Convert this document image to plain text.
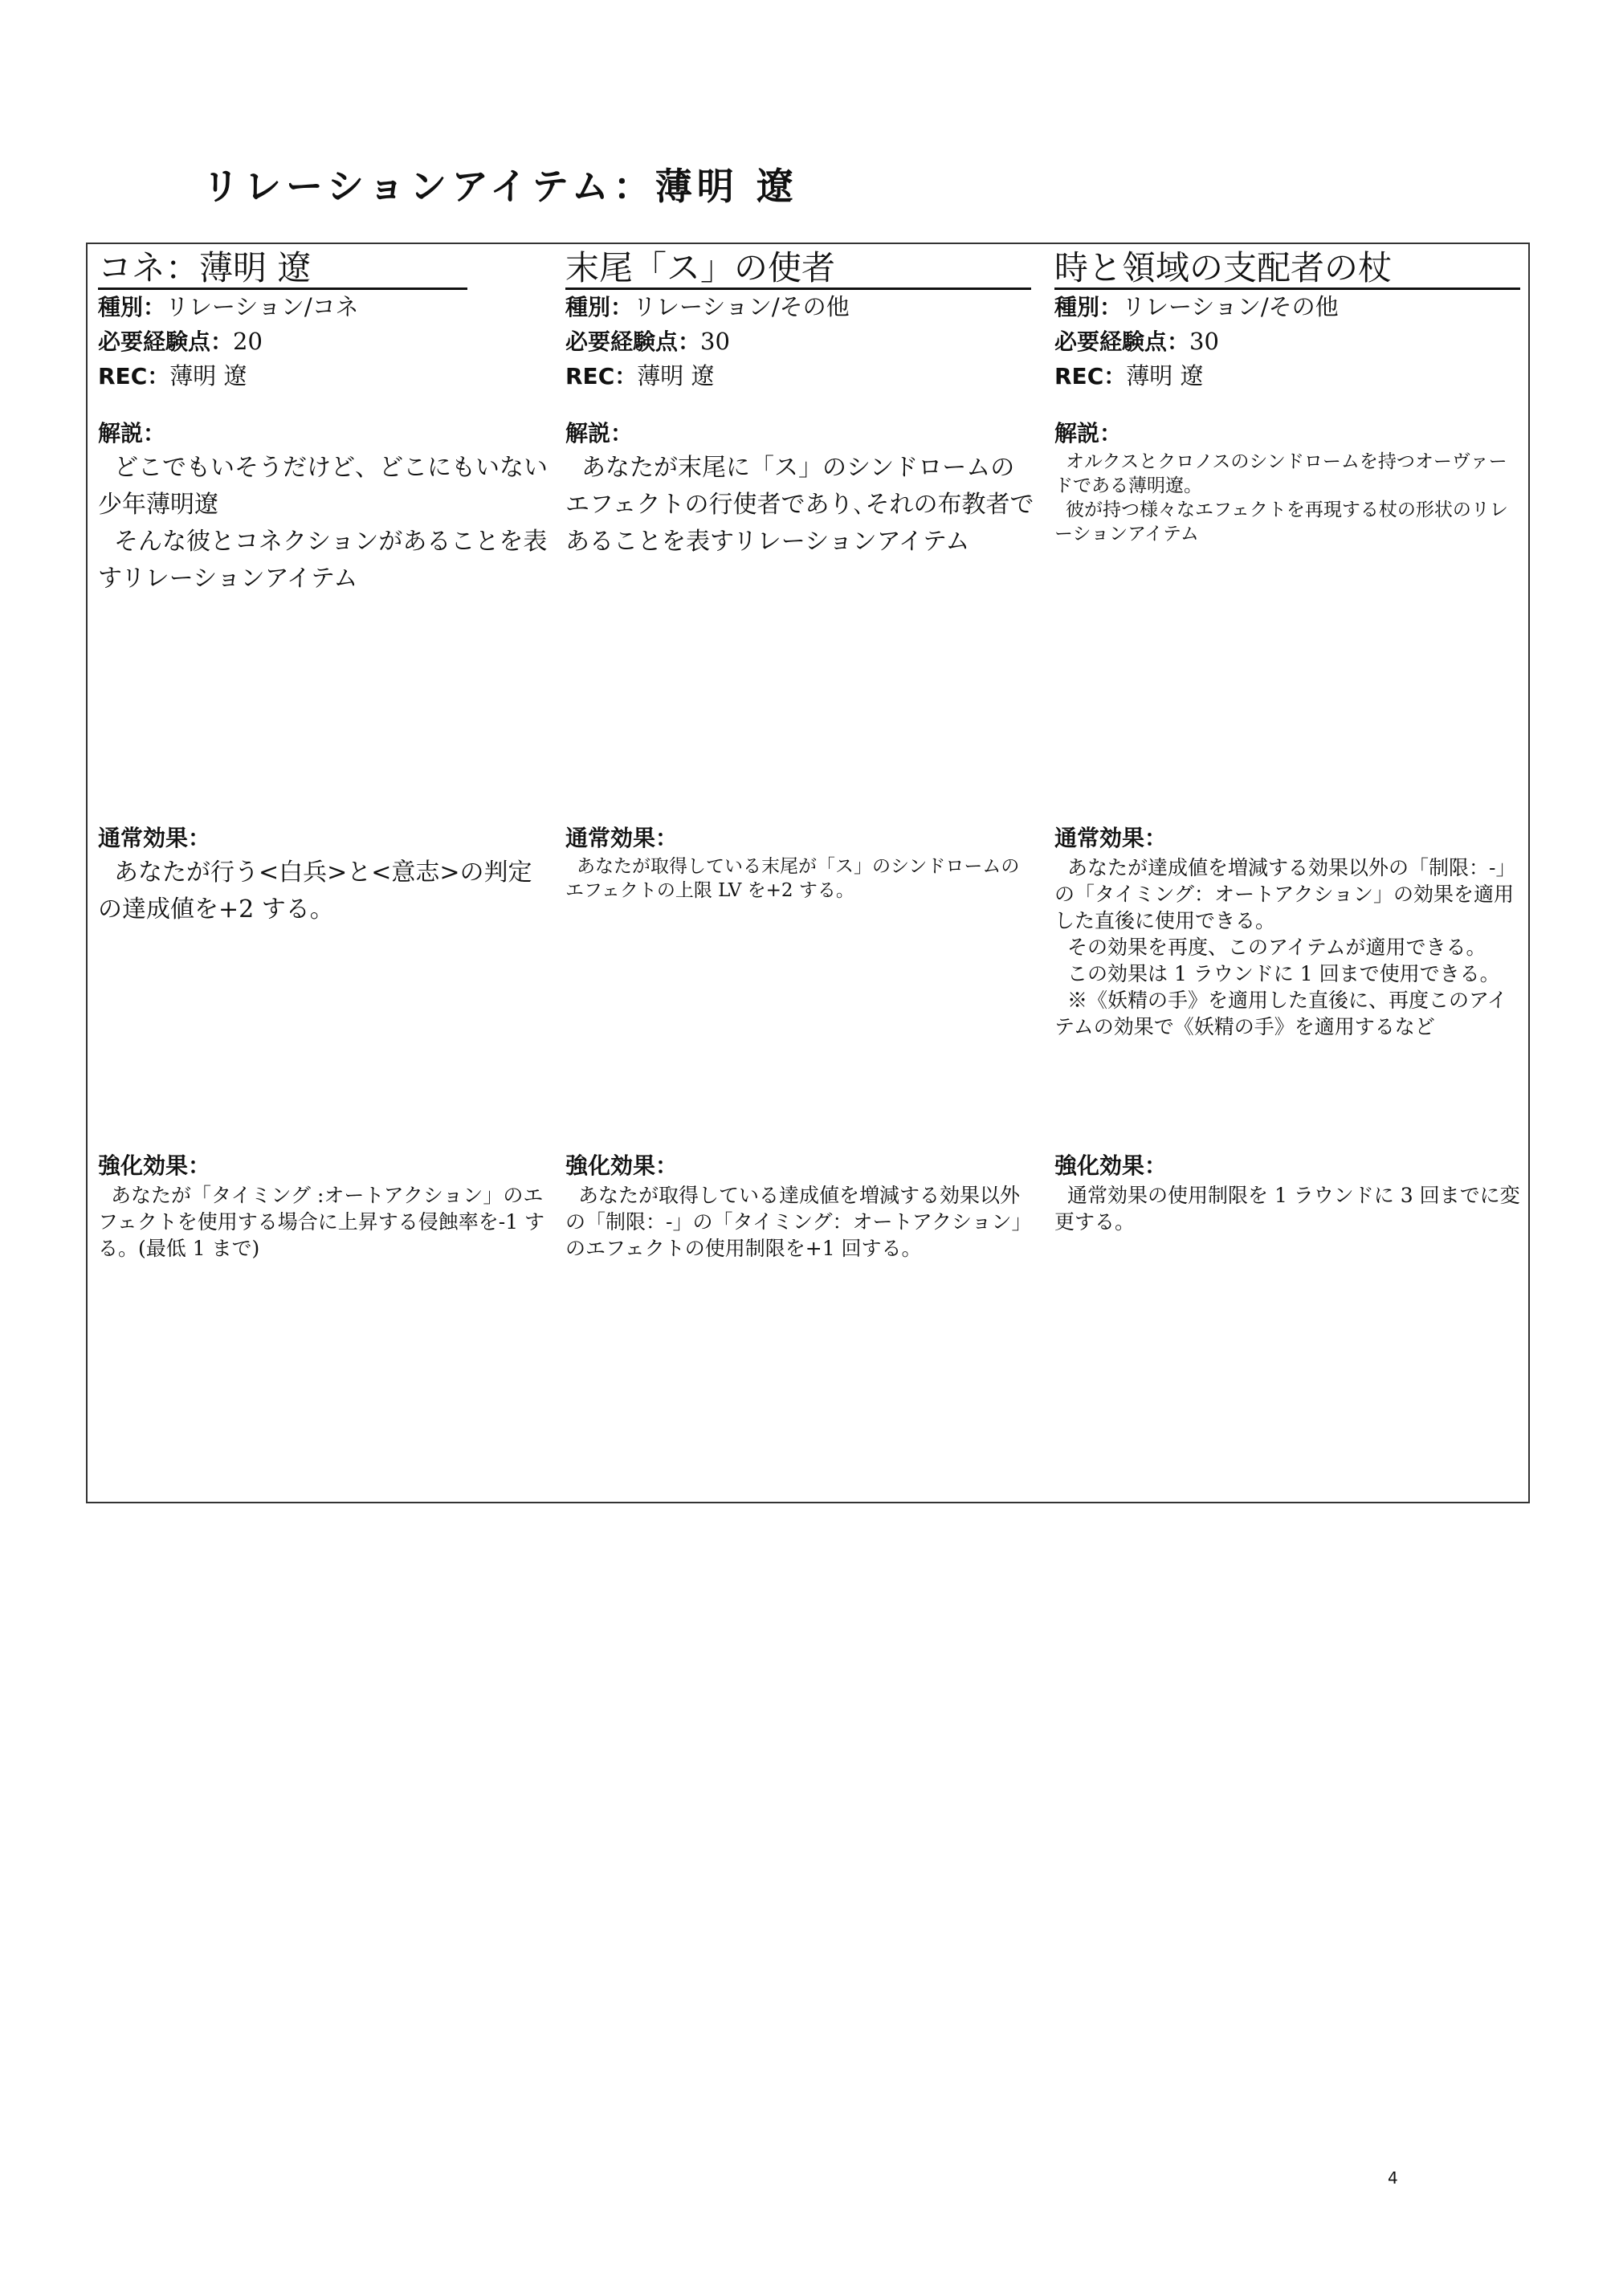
リレーションアイテム：薄明 遼
コネ：薄明 遼
種別：リレーション/コネ
必要経験点：20
REC：薄明 遼
解説：

どこでもいそうだけど、どこにもいない少年薄明遼

そんな彼とコネクションがあることを表すリレーションアイテム

通常効果：

あなたが行う<白兵>と<意志>の判定の達成値を+2 する。

強化効果：

あなたが「タイミング :オートアクション」のエフェクトを使用する場合に上昇する侵蝕率を-1 する。(最低 1 まで)

末尾「ス」の使者
種別：リレーション/その他
必要経験点：30
REC：薄明 遼
解説：

あなたが末尾に「ス」のシンドロームのエフェクトの行使者であり､それの布教者であることを表すリレーションアイテム

通常効果：

あなたが取得している末尾が「ス」のシンドロームのエフェクトの上限 LV を+2 する。

強化効果：

あなたが取得している達成値を増減する効果以外の「制限：-」の「タイミング：オートアクション」のエフェクトの使用制限を+1 回する。

時と領域の支配者の杖
種別：リレーション/その他
必要経験点：30
REC：薄明 遼
解説：

オルクスとクロノスのシンドロームを持つオーヴァードである薄明遼。

彼が持つ様々なエフェクトを再現する杖の形状のリレーションアイテム

通常効果：

あなたが達成値を増減する効果以外の「制限：-」の「タイミング：オートアクション」の効果を適用した直後に使用できる。

その効果を再度、このアイテムが適用できる。

この効果は 1 ラウンドに 1 回まで使用できる。

※《妖精の手》を適用した直後に、再度このアイテムの効果で《妖精の手》を適用するなど

強化効果：

通常効果の使用制限を 1 ラウンドに 3 回までに変更する。

4
